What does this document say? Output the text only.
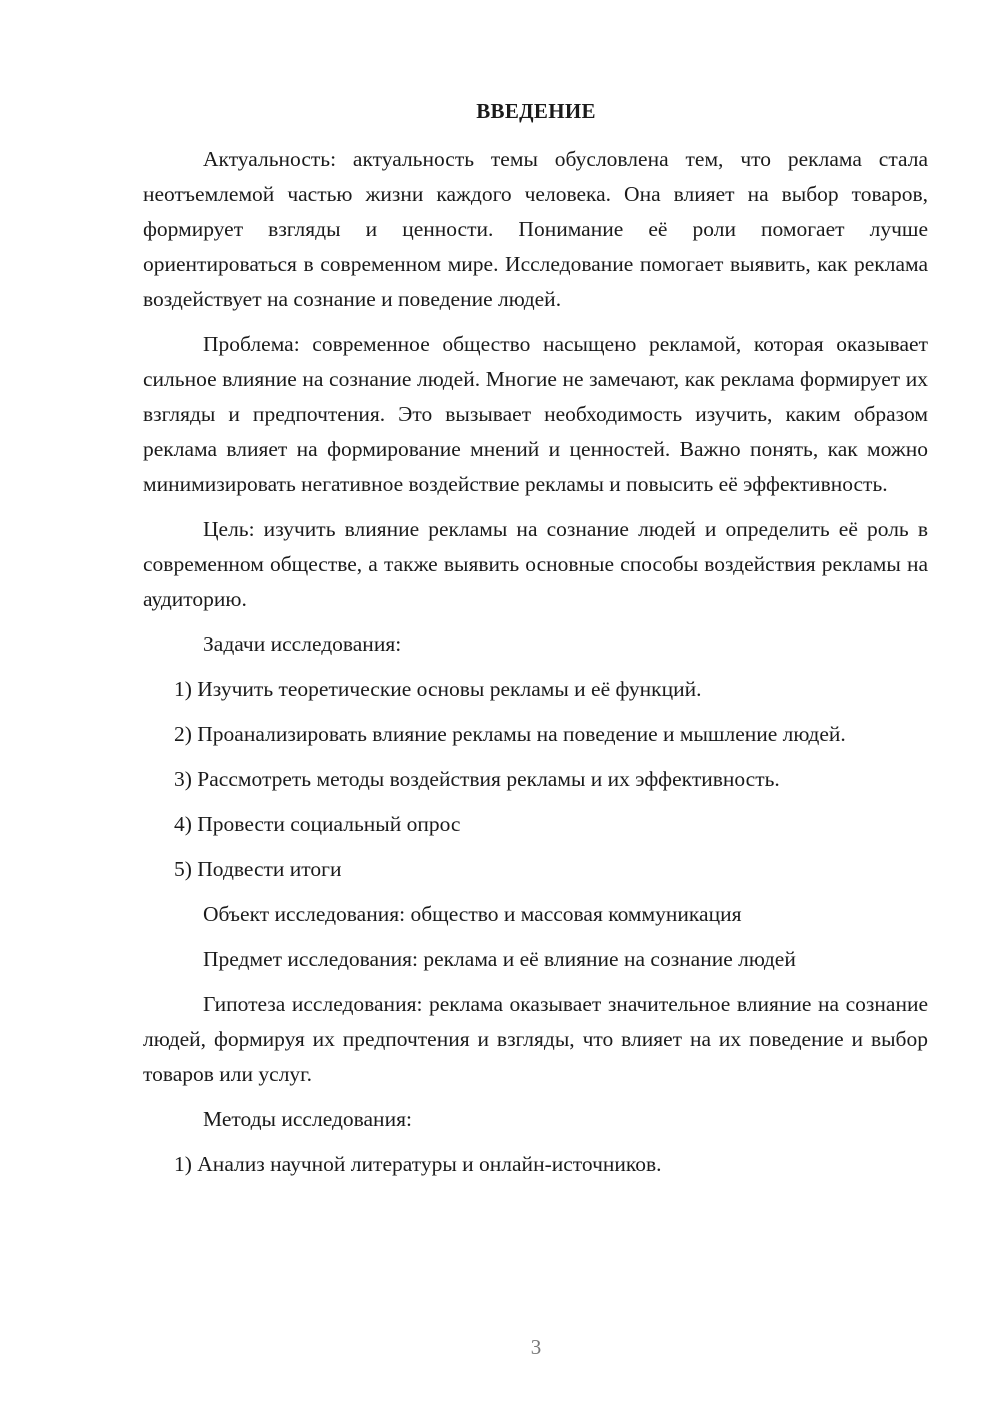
ВВЕДЕНИЕ

Актуальность: актуальность темы обусловлена тем, что реклама стала неотъемлемой частью жизни каждого человека. Она влияет на выбор товаров, формирует взгляды и ценности. Понимание её роли помогает лучше ориентироваться в современном мире. Исследование помогает выявить, как реклама воздействует на сознание и поведение людей.

Проблема: современное общество насыщено рекламой, которая оказывает сильное влияние на сознание людей. Многие не замечают, как реклама формирует их взгляды и предпочтения. Это вызывает необходимость изучить, каким образом реклама влияет на формирование мнений и ценностей. Важно понять, как можно минимизировать негативное воздействие рекламы и повысить её эффективность.

Цель: изучить влияние рекламы на сознание людей и определить её роль в современном обществе, а также выявить основные способы воздействия рекламы на аудиторию.

Задачи исследования:

1) Изучить теоретические основы рекламы и её функций.

2) Проанализировать влияние рекламы на поведение и мышление людей.

3) Рассмотреть методы воздействия рекламы и их эффективность.

4) Провести социальный опрос

5) Подвести итоги

Объект исследования: общество и массовая коммуникация

Предмет исследования: реклама и её влияние на сознание людей

Гипотеза исследования: реклама оказывает значительное влияние на сознание людей, формируя их предпочтения и взгляды, что влияет на их поведение и выбор товаров или услуг.

Методы исследования:

1) Анализ научной литературы и онлайн-источников.

3
